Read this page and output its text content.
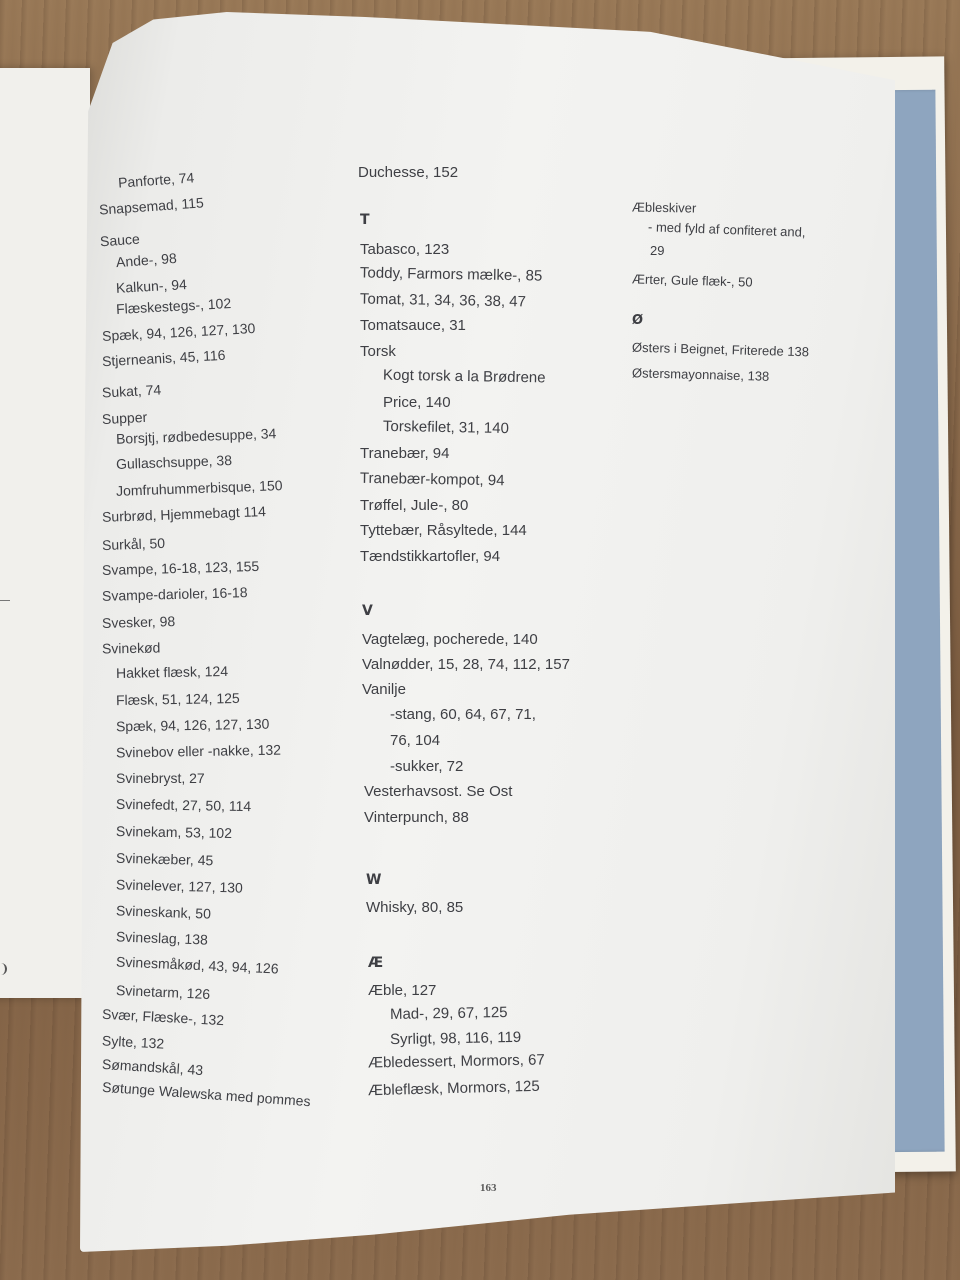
Panforte, 74
Snapsemad, 115
Sauce
Ande-, 98
Kalkun-, 94
Flæskestegs-, 102
Spæk, 94, 126, 127, 130
Stjerneanis, 45, 116
Sukat, 74
Supper
Borsjtj, rødbedesuppe, 34
Gullaschsuppe, 38
Jomfruhummerbisque, 150
Surbrød, Hjemmebagt 114
Surkål, 50
Svampe, 16-18, 123, 155
Svampe-darioler, 16-18
Svesker, 98
Svinekød
Hakket flæsk, 124
Flæsk, 51, 124, 125
Spæk, 94, 126, 127, 130
Svinebov eller -nakke, 132
Svinebryst, 27
Svinefedt, 27, 50, 114
Svinekam, 53, 102
Svinekæber, 45
Svinelever, 127, 130
Svineskank, 50
Svineslag, 138
Svinesmåkød, 43, 94, 126
Svinetarm, 126
Svær, Flæske-, 132
Sylte, 132
Sømandskål, 43
Søtunge Walewska med pommes
Duchesse, 152
T
Tabasco, 123
Toddy, Farmors mælke-, 85
Tomat, 31, 34, 36, 38, 47
Tomatsauce, 31
Torsk
Kogt torsk a la Brødrene
Price, 140
Torskefilet, 31, 140
Tranebær, 94
Tranebær-kompot, 94
Trøffel, Jule-, 80
Tyttebær, Råsyltede, 144
Tændstikkartofler, 94
V
Vagtelæg, pocherede, 140
Valnødder, 15, 28, 74, 112, 157
Vanilje
-stang, 60, 64, 67, 71,
76, 104
-sukker, 72
Vesterhavsost. Se Ost
Vinterpunch, 88
W
Whisky, 80, 85
Æ
Æble, 127
Mad-, 29, 67, 125
Syrligt, 98, 116, 119
Æbledessert, Mormors, 67
Æbleflæsk, Mormors, 125
Æbleskiver
- med fyld af confiteret and,
29
Ærter, Gule flæk-, 50
Ø
Østers i Beignet, Friterede 138
Østersmayonnaise, 138
163
